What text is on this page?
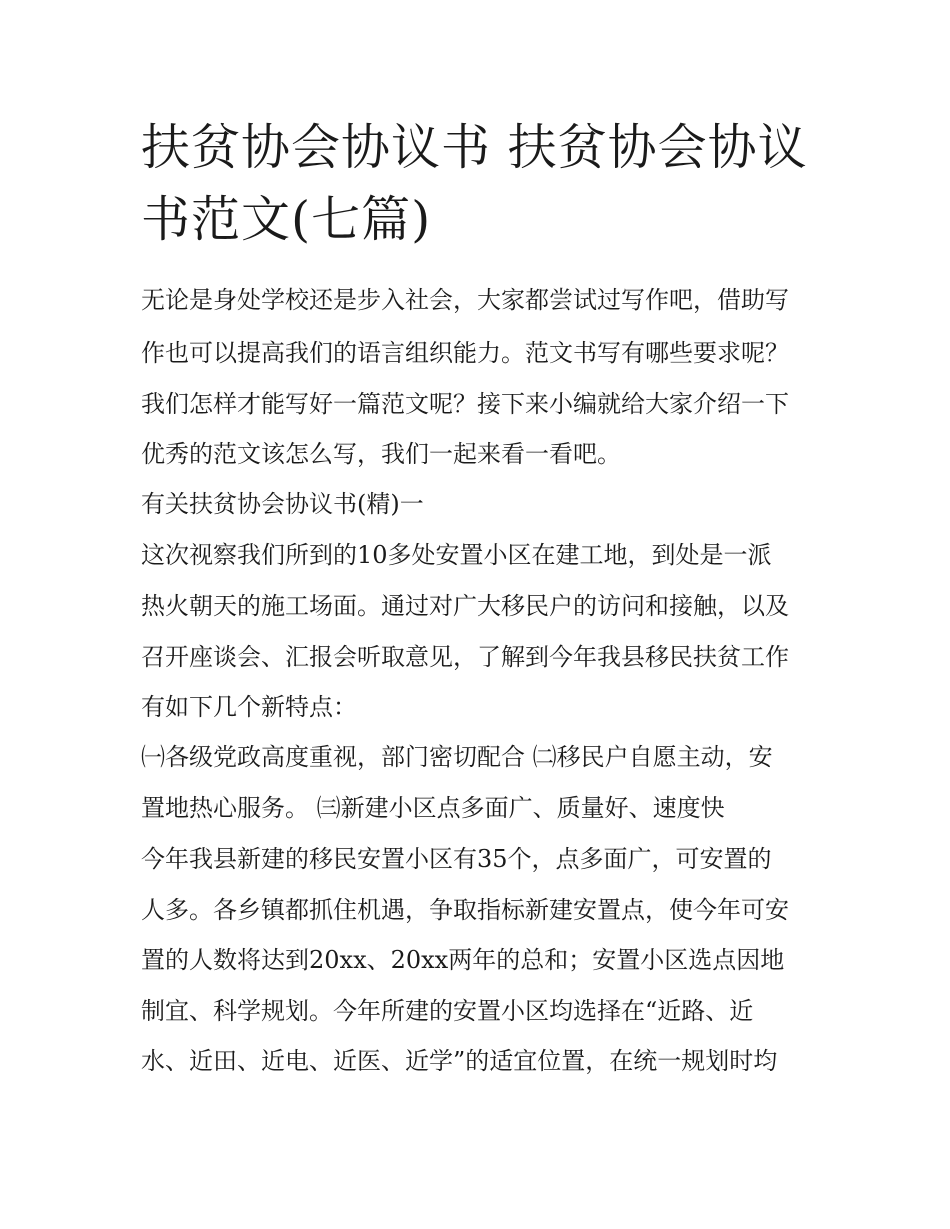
扶贫协会协议书 扶贫协会协议
书范文(七篇)

无论是身处学校还是步入社会，大家都尝试过写作吧，借助写

作也可以提高我们的语言组织能力。范文书写有哪些要求呢？

我们怎样才能写好一篇范文呢？接下来小编就给大家介绍一下

优秀的范文该怎么写，我们一起来看一看吧。

有关扶贫协会协议书(精)一

这次视察我们所到的10多处安置小区在建工地，到处是一派

热火朝天的施工场面。通过对广大移民户的访问和接触，以及

召开座谈会、汇报会听取意见，了解到今年我县移民扶贫工作

有如下几个新特点：

㈠各级党政高度重视，部门密切配合 ㈡移民户自愿主动，安

置地热心服务。 ㈢新建小区点多面广、质量好、速度快

今年我县新建的移民安置小区有35个，点多面广，可安置的

人多。各乡镇都抓住机遇，争取指标新建安置点，使今年可安

置的人数将达到20xx、20xx两年的总和；安置小区选点因地

制宜、科学规划。今年所建的安置小区均选择在“近路、近

水、近田、近电、近医、近学”的适宜位置，在统一规划时均
